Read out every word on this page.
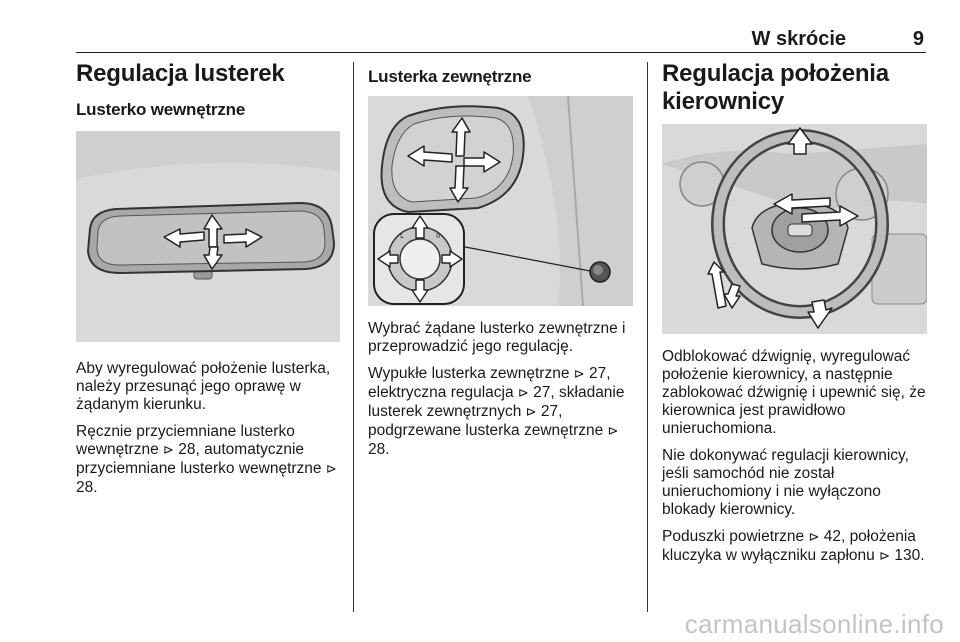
W skrócie	9
Regulacja lusterek
Lusterko wewnętrzne

Aby wyregulować położenie lusterka, należy przesunąć jego oprawę w żądanym kierunku.

Ręcznie przyciemniane lusterko wewnętrzne ⊳ 28, automatycznie przyciemniane lusterko wewnętrzne ⊳ 28.

Lusterka zewnętrzne
L	II

Wybrać żądane lusterko zewnętrzne i przeprowadzić jego regulację.

Wypukłe lusterka zewnętrzne ⊳ 27, elektryczna regulacja ⊳ 27, składanie lusterek zewnętrznych ⊳ 27, podgrzewane lusterka zewnętrzne ⊳ 28.

Regulacja położenia kierownicy

Odblokować dźwignię, wyregulować położenie kierownicy, a następnie zablokować dźwignię i upewnić się, że kierownica jest prawidłowo unieruchomiona.

Nie dokonywać regulacji kierownicy, jeśli samochód nie został unieruchomiony i nie wyłączono blokady kierownicy.

Poduszki powietrzne ⊳ 42, położenia kluczyka w wyłączniku zapłonu ⊳ 130.

carmanualsonline.info
